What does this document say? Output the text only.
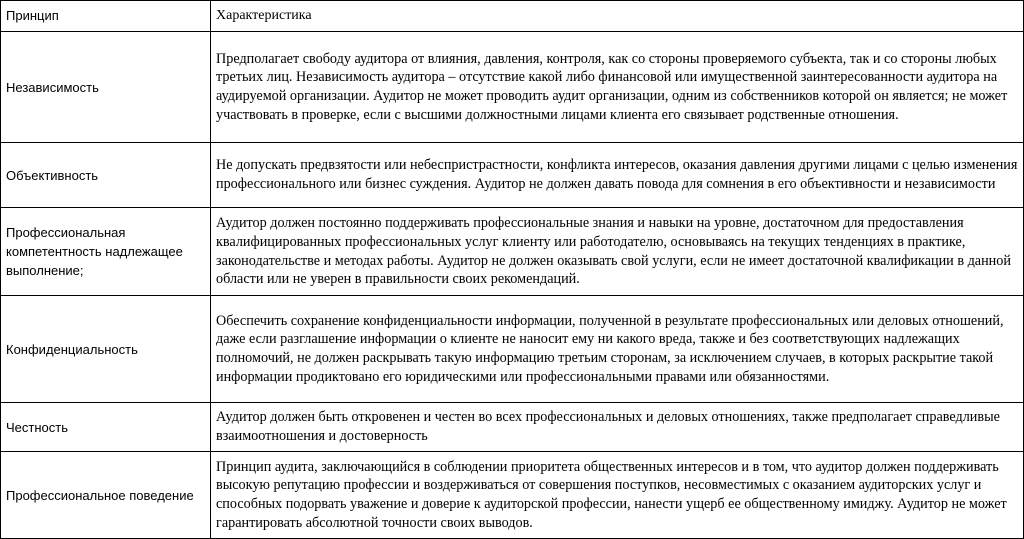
Принцип	Характеристика
Независимость	Предполагает свободу аудитора от влияния, давления, контроля, как со стороны проверяемого субъекта, так и со стороны любых третьих лиц. Независимость аудитора – отсутствие какой либо финансовой или имущественной заинтересованности аудитора на аудируемой организации. Аудитор не может проводить аудит организации, одним из собственников которой он является; не может участвовать в проверке, если с высшими должностными лицами клиента его связывает родственные отношения.
Объективность	Не допускать предвзятости или небеспристрастности, конфликта интересов, оказания давления другими лицами с целью изменения профессионального или бизнес суждения. Аудитор не должен давать повода для сомнения в его объективности и независимости
Профессиональная компетентность надлежащее выполнение;	Аудитор должен постоянно поддерживать профессиональные знания и навыки на уровне, достаточном для предоставления квалифицированных профессиональных услуг клиенту или работодателю, основываясь на текущих тенденциях в практике, законодательстве и методах работы. Аудитор не должен оказывать свой услуги, если не имеет достаточной квалификации в данной области или не уверен в правильности своих рекомендаций.
Конфиденциальность	Обеспечить сохранение конфиденциальности информации, полученной в результате профессиональных или деловых отношений, даже если разглашение информации о клиенте не наносит ему ни какого вреда, также и без соответствующих надлежащих полномочий, не должен раскрывать такую информацию третьим сторонам, за исключением случаев, в которых раскрытие такой информации продиктовано его юридическими или профессиональными правами или обязанностями.
Честность	Аудитор должен быть откровенен и честен во всех профессиональных и деловых отношениях, также предполагает справедливые взаимоотношения и достоверность
Профессиональное поведение	Принцип аудита, заключающийся в соблюдении приоритета общественных интересов и в том, что аудитор должен поддерживать высокую репутацию профессии и воздерживаться от совершения поступков, несовместимых с оказанием аудиторских услуг и способных подорвать уважение и доверие к аудиторской профессии, нанести ущерб ее общественному имиджу. Аудитор не может гарантировать абсолютной точности своих выводов.
